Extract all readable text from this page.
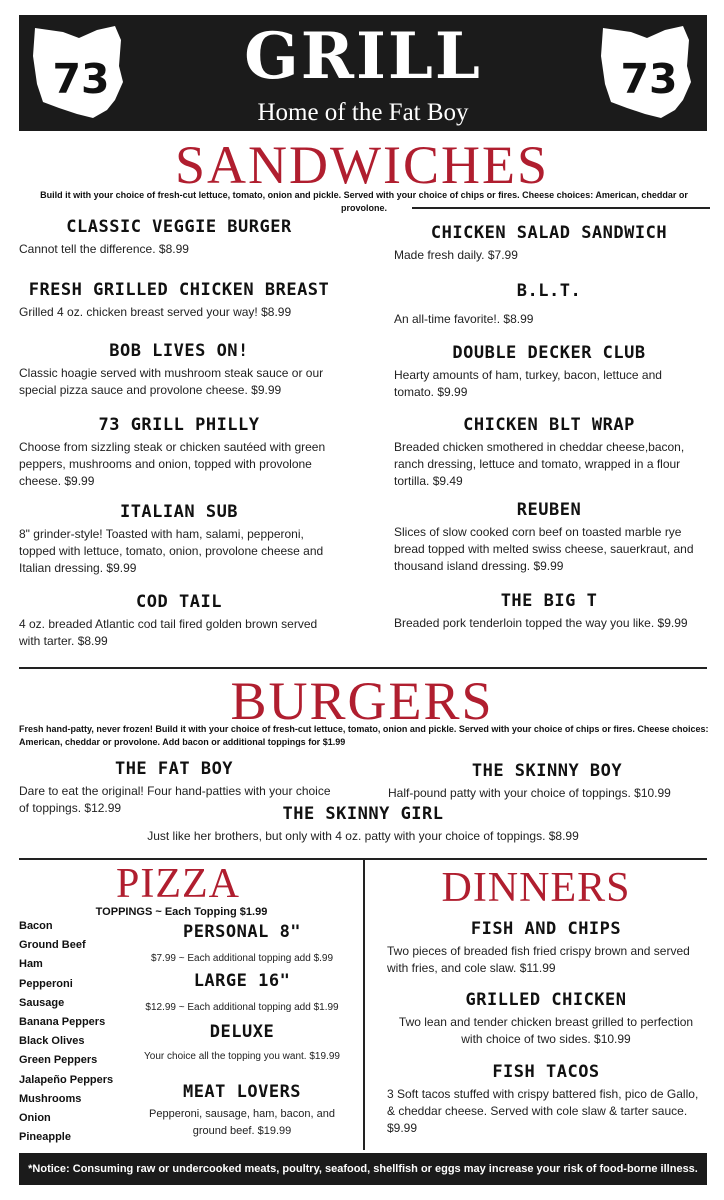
73	GRILL
Home of the Fat Boy
73
SANDWICHES
Build it with your choice of fresh-cut lettuce, tomato, onion and pickle. Served with your choice of chips or fires. Cheese choices: American, cheddar or provolone.
CLASSIC VEGGIE BURGER
Cannot tell the difference. $8.99
FRESH GRILLED CHICKEN BREAST
Grilled 4 oz. chicken breast served your way! $8.99
BOB LIVES ON!
Classic hoagie served with mushroom steak sauce or our special pizza sauce and provolone cheese. $9.99
73 GRILL PHILLY
Choose from sizzling steak or chicken sautéed with green peppers, mushrooms and onion, topped with provolone cheese. $9.99
ITALIAN SUB
8" grinder-style! Toasted with ham, salami, pepperoni, topped with lettuce, tomato, onion, provolone cheese and Italian dressing. $9.99
COD TAIL
4 oz. breaded Atlantic cod tail fired golden brown served with tarter. $8.99
CHICKEN SALAD SANDWICH
Made fresh daily. $7.99
B.L.T.
An all-time favorite!. $8.99
DOUBLE DECKER CLUB
Hearty amounts of ham, turkey, bacon, lettuce and tomato. $9.99
CHICKEN BLT WRAP
Breaded chicken smothered in cheddar cheese,bacon, ranch dressing, lettuce and tomato, wrapped in a flour tortilla. $9.49
REUBEN
Slices of slow cooked corn beef on toasted marble rye bread topped with melted swiss cheese, sauerkraut, and thousand island dressing. $9.99
THE BIG T
Breaded pork tenderloin topped the way you like. $9.99
BURGERS
Fresh hand-patty, never frozen! Build it with your choice of fresh-cut lettuce, tomato, onion and pickle. Served with your choice of chips or fires. Cheese choices: American, cheddar or provolone. Add bacon or additional toppings for $1.99
THE FAT BOY
Dare to eat the original! Four hand-patties with your choice of toppings. $12.99
THE SKINNY BOY
Half-pound patty with your choice of toppings. $10.99
THE SKINNY GIRL
Just like her brothers, but only with 4 oz. patty with your choice of toppings. $8.99
PIZZA
TOPPINGS ~ Each Topping $1.99
Bacon
Ground Beef
Ham
Pepperoni
Sausage
Banana Peppers
Black Olives
Green Peppers
Jalapeño Peppers
Mushrooms
Onion
Pineapple
PERSONAL 8"
$7.99 ~ Each additional topping add $.99
LARGE 16"
$12.99 ~ Each additional topping add $1.99
DELUXE
Your choice all the topping you want. $19.99
MEAT LOVERS
Pepperoni, sausage, ham, bacon, and ground beef. $19.99
DINNERS
FISH AND CHIPS
Two pieces of breaded fish fried crispy brown and served with fries, and cole slaw. $11.99
GRILLED CHICKEN
Two lean and tender chicken breast grilled to perfection with choice of two sides. $10.99
FISH TACOS
3 Soft tacos stuffed with crispy battered fish, pico de Gallo, & cheddar cheese. Served with cole slaw & tarter sauce. $9.99
*Notice: Consuming raw or undercooked meats, poultry, seafood, shellfish or eggs may increase your risk of food-borne illness.
